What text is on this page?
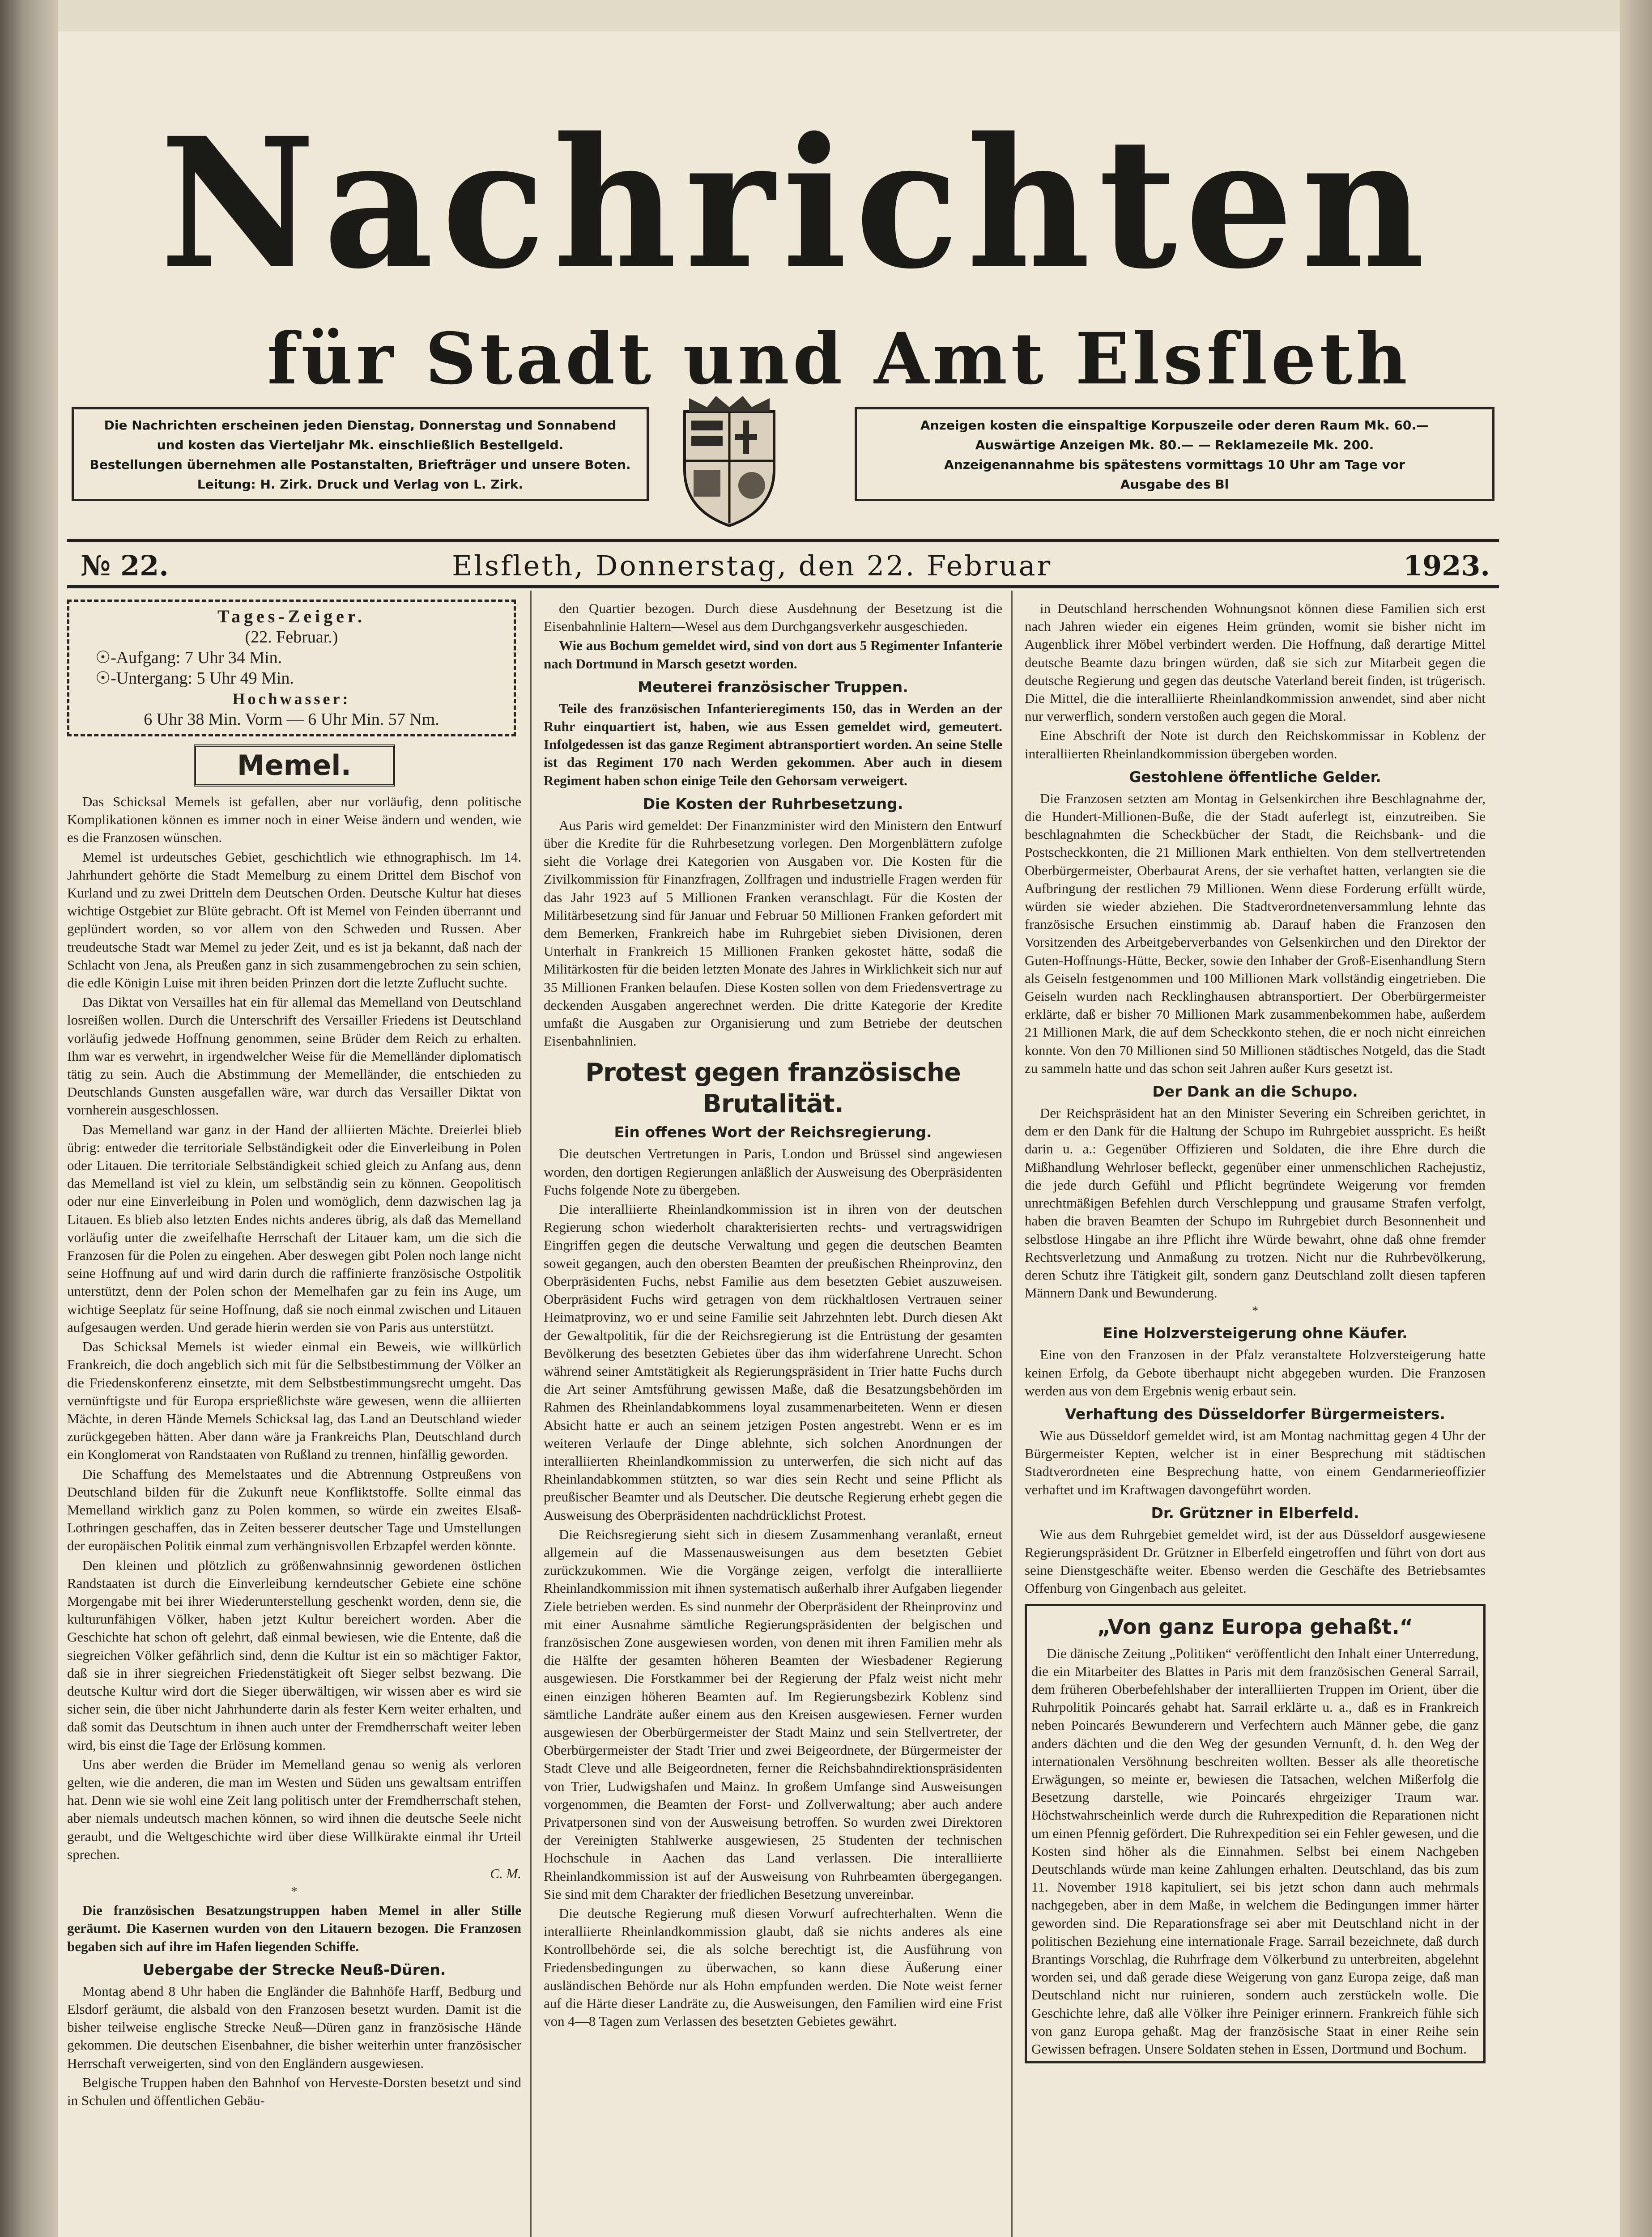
Nachrichten
für Stadt und Amt Elsfleth
Die Nachrichten erscheinen jeden Dienstag, Donnerstag und Sonnabend
und kosten das Vierteljahr Mk. einschließlich Bestellgeld.
Bestellungen übernehmen alle Postanstalten, Briefträger und unsere Boten.
Leitung: H. Zirk. Druck und Verlag von L. Zirk.
Anzeigen kosten die einspaltige Korpuszeile oder deren Raum Mk. 60.—
Auswärtige Anzeigen Mk. 80.— — Reklamezeile Mk. 200.
Anzeigenannahme bis spätestens vormittags 10 Uhr am Tage vor
Ausgabe des Bl
№ 22.	Elsfleth, Donnerstag, den 22. Februar	1923.
Tages-Zeiger.
(22. Februar.)
☉-Aufgang: 7 Uhr 34 Min.
☉-Untergang: 5 Uhr 49 Min.
Hochwasser:
6 Uhr 38 Min. Vorm — 6 Uhr Min. 57 Nm.
Memel.

Das Schicksal Memels ist gefallen, aber nur vorläufig, denn politische Komplikationen können es immer noch in einer Weise ändern und wenden, wie es die Franzosen wünschen.

Memel ist urdeutsches Gebiet, geschichtlich wie ethnographisch. Im 14. Jahrhundert gehörte die Stadt Memelburg zu einem Drittel dem Bischof von Kurland und zu zwei Dritteln dem Deutschen Orden. Deutsche Kultur hat dieses wichtige Ostgebiet zur Blüte gebracht. Oft ist Memel von Feinden überrannt und geplündert worden, so vor allem von den Schweden und Russen. Aber treudeutsche Stadt war Memel zu jeder Zeit, und es ist ja bekannt, daß nach der Schlacht von Jena, als Preußen ganz in sich zusammengebrochen zu sein schien, die edle Königin Luise mit ihren beiden Prinzen dort die letzte Zuflucht suchte.

Das Diktat von Versailles hat ein für allemal das Memelland von Deutschland losreißen wollen. Durch die Unterschrift des Versailler Friedens ist Deutschland vorläufig jedwede Hoffnung genommen, seine Brüder dem Reich zu erhalten. Ihm war es verwehrt, in irgendwelcher Weise für die Memelländer diplomatisch tätig zu sein. Auch die Abstimmung der Memelländer, die entschieden zu Deutschlands Gunsten ausgefallen wäre, war durch das Versailler Diktat von vornherein ausgeschlossen.

Das Memelland war ganz in der Hand der alliierten Mächte. Dreierlei blieb übrig: entweder die territoriale Selbständigkeit oder die Einverleibung in Polen oder Litauen. Die territoriale Selbständigkeit schied gleich zu Anfang aus, denn das Memelland ist viel zu klein, um selbständig sein zu können. Geopolitisch oder nur eine Einverleibung in Polen und womöglich, denn dazwischen lag ja Litauen. Es blieb also letzten Endes nichts anderes übrig, als daß das Memelland vorläufig unter die zweifelhafte Herrschaft der Litauer kam, um die sich die Franzosen für die Polen zu eingehen. Aber deswegen gibt Polen noch lange nicht seine Hoffnung auf und wird darin durch die raffinierte französische Ostpolitik unterstützt, denn der Polen schon der Memelhafen gar zu fein ins Auge, um wichtige Seeplatz für seine Hoffnung, daß sie noch einmal zwischen und Litauen aufgesaugen werden. Und gerade hierin werden sie von Paris aus unterstützt.

Das Schicksal Memels ist wieder einmal ein Beweis, wie willkürlich Frankreich, die doch angeblich sich mit für die Selbstbestimmung der Völker an die Friedenskonferenz einsetzte, mit dem Selbstbestimmungsrecht umgeht. Das vernünftigste und für Europa ersprießlichste wäre gewesen, wenn die alliierten Mächte, in deren Hände Memels Schicksal lag, das Land an Deutschland wieder zurückgegeben hätten. Aber dann wäre ja Frankreichs Plan, Deutschland durch ein Konglomerat von Randstaaten von Rußland zu trennen, hinfällig geworden.

Die Schaffung des Memelstaates und die Abtrennung Ostpreußens von Deutschland bilden für die Zukunft neue Konfliktstoffe. Sollte einmal das Memelland wirklich ganz zu Polen kommen, so würde ein zweites Elsaß-Lothringen geschaffen, das in Zeiten besserer deutscher Tage und Umstellungen der europäischen Politik einmal zum verhängnisvollen Erbzapfel werden könnte.

Den kleinen und plötzlich zu größenwahnsinnig gewordenen östlichen Randstaaten ist durch die Einverleibung kerndeutscher Gebiete eine schöne Morgengabe mit bei ihrer Wiederunterstellung geschenkt worden, denn sie, die kulturunfähigen Völker, haben jetzt Kultur bereichert worden. Aber die Geschichte hat schon oft gelehrt, daß einmal bewiesen, wie die Entente, daß die siegreichen Völker gefährlich sind, denn die Kultur ist ein so mächtiger Faktor, daß sie in ihrer siegreichen Friedenstätigkeit oft Sieger selbst bezwang. Die deutsche Kultur wird dort die Sieger überwältigen, wir wissen aber es wird sie sicher sein, die über nicht Jahrhunderte darin als fester Kern weiter erhalten, und daß somit das Deutschtum in ihnen auch unter der Fremdherrschaft weiter leben wird, bis einst die Tage der Erlösung kommen.

Uns aber werden die Brüder im Memelland genau so wenig als verloren gelten, wie die anderen, die man im Westen und Süden uns gewaltsam entriffen hat. Denn wie sie wohl eine Zeit lang politisch unter der Fremdherrschaft stehen, aber niemals undeutsch machen können, so wird ihnen die deutsche Seele nicht geraubt, und die Weltgeschichte wird über diese Willkürakte einmal ihr Urteil sprechen.

C. M.

*

Die französischen Besatzungstruppen haben Memel in aller Stille geräumt. Die Kasernen wurden von den Litauern bezogen. Die Franzosen begaben sich auf ihre im Hafen liegenden Schiffe.

Uebergabe der Strecke Neuß-Düren.

Montag abend 8 Uhr haben die Engländer die Bahnhöfe Harff, Bedburg und Elsdorf geräumt, die alsbald von den Franzosen besetzt wurden. Damit ist die bisher teilweise englische Strecke Neuß—Düren ganz in französische Hände gekommen. Die deutschen Eisenbahner, die bisher weiterhin unter französischer Herrschaft verweigerten, sind von den Engländern ausgewiesen.

Belgische Truppen haben den Bahnhof von Herveste-Dorsten besetzt und sind in Schulen und öffentlichen Gebäu-

den Quartier bezogen. Durch diese Ausdehnung der Besetzung ist die Eisenbahnlinie Haltern—Wesel aus dem Durchgangsverkehr ausgeschieden.

Wie aus Bochum gemeldet wird, sind von dort aus 5 Regimenter Infanterie nach Dortmund in Marsch gesetzt worden.

Meuterei französischer Truppen.

Teile des französischen Infanterieregiments 150, das in Werden an der Ruhr einquartiert ist, haben, wie aus Essen gemeldet wird, gemeutert. Infolgedessen ist das ganze Regiment abtransportiert worden. An seine Stelle ist das Regiment 170 nach Werden gekommen. Aber auch in diesem Regiment haben schon einige Teile den Gehorsam verweigert.

Die Kosten der Ruhrbesetzung.

Aus Paris wird gemeldet: Der Finanzminister wird den Ministern den Entwurf über die Kredite für die Ruhrbesetzung vorlegen. Den Morgenblättern zufolge sieht die Vorlage drei Kategorien von Ausgaben vor. Die Kosten für die Zivilkommission für Finanzfragen, Zollfragen und industrielle Fragen werden für das Jahr 1923 auf 5 Millionen Franken veranschlagt. Für die Kosten der Militärbesetzung sind für Januar und Februar 50 Millionen Franken gefordert mit dem Bemerken, Frankreich habe im Ruhrgebiet sieben Divisionen, deren Unterhalt in Frankreich 15 Millionen Franken gekostet hätte, sodaß die Militärkosten für die beiden letzten Monate des Jahres in Wirklichkeit sich nur auf 35 Millionen Franken belaufen. Diese Kosten sollen von dem Friedensvertrage zu deckenden Ausgaben angerechnet werden. Die dritte Kategorie der Kredite umfaßt die Ausgaben zur Organisierung und zum Betriebe der deutschen Eisenbahnlinien.

Protest gegen französische Brutalität.
Ein offenes Wort der Reichsregierung.

Die deutschen Vertretungen in Paris, London und Brüssel sind angewiesen worden, den dortigen Regierungen anläßlich der Ausweisung des Oberpräsidenten Fuchs folgende Note zu übergeben.

Die interalliierte Rheinlandkommission ist in ihren von der deutschen Regierung schon wiederholt charakterisierten rechts- und vertragswidrigen Eingriffen gegen die deutsche Verwaltung und gegen die deutschen Beamten soweit gegangen, auch den obersten Beamten der preußischen Rheinprovinz, den Oberpräsidenten Fuchs, nebst Familie aus dem besetzten Gebiet auszuweisen. Oberpräsident Fuchs wird getragen von dem rückhaltlosen Vertrauen seiner Heimatprovinz, wo er und seine Familie seit Jahrzehnten lebt. Durch diesen Akt der Gewaltpolitik, für die der Reichsregierung ist die Entrüstung der gesamten Bevölkerung des besetzten Gebietes über das ihm widerfahrene Unrecht. Schon während seiner Amtstätigkeit als Regierungspräsident in Trier hatte Fuchs durch die Art seiner Amtsführung gewissen Maße, daß die Besatzungsbehörden im Rahmen des Rheinlandabkommens loyal zusammenarbeiteten. Wenn er diesen Absicht hatte er auch an seinem jetzigen Posten angestrebt. Wenn er es im weiteren Verlaufe der Dinge ablehnte, sich solchen Anordnungen der interalliierten Rheinlandkommission zu unterwerfen, die sich nicht auf das Rheinlandabkommen stützten, so war dies sein Recht und seine Pflicht als preußischer Beamter und als Deutscher. Die deutsche Regierung erhebt gegen die Ausweisung des Oberpräsidenten nachdrücklichst Protest.

Die Reichsregierung sieht sich in diesem Zusammenhang veranlaßt, erneut allgemein auf die Massenausweisungen aus dem besetzten Gebiet zurückzukommen. Wie die Vorgänge zeigen, verfolgt die interalliierte Rheinlandkommission mit ihnen systematisch außerhalb ihrer Aufgaben liegender Ziele betrieben werden. Es sind nunmehr der Oberpräsident der Rheinprovinz und mit einer Ausnahme sämtliche Regierungspräsidenten der belgischen und französischen Zone ausgewiesen worden, von denen mit ihren Familien mehr als die Hälfte der gesamten höheren Beamten der Wiesbadener Regierung ausgewiesen. Die Forstkammer bei der Regierung der Pfalz weist nicht mehr einen einzigen höheren Beamten auf. Im Regierungsbezirk Koblenz sind sämtliche Landräte außer einem aus den Kreisen ausgewiesen. Ferner wurden ausgewiesen der Oberbürgermeister der Stadt Mainz und sein Stellvertreter, der Oberbürgermeister der Stadt Trier und zwei Beigeordnete, der Bürgermeister der Stadt Cleve und alle Beigeordneten, ferner die Reichsbahndirektionspräsidenten von Trier, Ludwigshafen und Mainz. In großem Umfange sind Ausweisungen vorgenommen, die Beamten der Forst- und Zollverwaltung; aber auch andere Privatpersonen sind von der Ausweisung betroffen. So wurden zwei Direktoren der Vereinigten Stahlwerke ausgewiesen, 25 Studenten der technischen Hochschule in Aachen das Land verlassen. Die interalliierte Rheinlandkommission ist auf der Ausweisung von Ruhrbeamten übergegangen. Sie sind mit dem Charakter der friedlichen Besetzung unvereinbar.

Die deutsche Regierung muß diesen Vorwurf aufrechterhalten. Wenn die interalliierte Rheinlandkommission glaubt, daß sie nichts anderes als eine Kontrollbehörde sei, die als solche berechtigt ist, die Ausführung von Friedensbedingungen zu überwachen, so kann diese Äußerung einer ausländischen Behörde nur als Hohn empfunden werden. Die Note weist ferner auf die Härte dieser Landräte zu, die Ausweisungen, den Familien wird eine Frist von 4—8 Tagen zum Verlassen des besetzten Gebietes gewährt.

in Deutschland herrschenden Wohnungsnot können diese Familien sich erst nach Jahren wieder ein eigenes Heim gründen, womit sie bisher nicht im Augenblick ihrer Möbel verbindert werden. Die Hoffnung, daß derartige Mittel deutsche Beamte dazu bringen würden, daß sie sich zur Mitarbeit gegen die deutsche Regierung und gegen das deutsche Vaterland bereit finden, ist trügerisch. Die Mittel, die die interalliierte Rheinlandkommission anwendet, sind aber nicht nur verwerflich, sondern verstoßen auch gegen die Moral.

Eine Abschrift der Note ist durch den Reichskommissar in Koblenz der interalliierten Rheinlandkommission übergeben worden.

Gestohlene öffentliche Gelder.

Die Franzosen setzten am Montag in Gelsenkirchen ihre Beschlagnahme der, die Hundert-Millionen-Buße, die der Stadt auferlegt ist, einzutreiben. Sie beschlagnahmten die Scheckbücher der Stadt, die Reichsbank- und die Postscheckkonten, die 21 Millionen Mark enthielten. Von dem stellvertretenden Oberbürgermeister, Oberbaurat Arens, der sie verhaftet hatten, verlangten sie die Aufbringung der restlichen 79 Millionen. Wenn diese Forderung erfüllt würde, würden sie wieder abziehen. Die Stadtverordnetenversammlung lehnte das französische Ersuchen einstimmig ab. Darauf haben die Franzosen den Vorsitzenden des Arbeitgeberverbandes von Gelsenkirchen und den Direktor der Guten-Hoffnungs-Hütte, Becker, sowie den Inhaber der Groß-Eisenhandlung Stern als Geiseln festgenommen und 100 Millionen Mark vollständig eingetrieben. Die Geiseln wurden nach Recklinghausen abtransportiert. Der Oberbürgermeister erklärte, daß er bisher 70 Millionen Mark zusammenbekommen habe, außerdem 21 Millionen Mark, die auf dem Scheckkonto stehen, die er noch nicht einreichen konnte. Von den 70 Millionen sind 50 Millionen städtisches Notgeld, das die Stadt zu sammeln hatte und das schon seit Jahren außer Kurs gesetzt ist.

Der Dank an die Schupo.

Der Reichspräsident hat an den Minister Severing ein Schreiben gerichtet, in dem er den Dank für die Haltung der Schupo im Ruhrgebiet ausspricht. Es heißt darin u. a.: Gegenüber Offizieren und Soldaten, die ihre Ehre durch die Mißhandlung Wehrloser befleckt, gegenüber einer unmenschlichen Rachejustiz, die jede durch Gefühl und Pflicht begründete Weigerung vor fremden unrechtmäßigen Befehlen durch Verschleppung und grausame Strafen verfolgt, haben die braven Beamten der Schupo im Ruhrgebiet durch Besonnenheit und selbstlose Hingabe an ihre Pflicht ihre Würde bewahrt, ohne daß ohne fremder Rechtsverletzung und Anmaßung zu trotzen. Nicht nur die Ruhrbevölkerung, deren Schutz ihre Tätigkeit gilt, sondern ganz Deutschland zollt diesen tapferen Männern Dank und Bewunderung.

*
Eine Holzversteigerung ohne Käufer.

Eine von den Franzosen in der Pfalz veranstaltete Holzversteigerung hatte keinen Erfolg, da Gebote überhaupt nicht abgegeben wurden. Die Franzosen werden aus von dem Ergebnis wenig erbaut sein.

Verhaftung des Düsseldorfer Bürgermeisters.

Wie aus Düsseldorf gemeldet wird, ist am Montag nachmittag gegen 4 Uhr der Bürgermeister Kepten, welcher ist in einer Besprechung mit städtischen Stadtverordneten eine Besprechung hatte, von einem Gendarmerieoffizier verhaftet und im Kraftwagen davongeführt worden.

Dr. Grützner in Elberfeld.

Wie aus dem Ruhrgebiet gemeldet wird, ist der aus Düsseldorf ausgewiesene Regierungspräsident Dr. Grützner in Elberfeld eingetroffen und führt von dort aus seine Dienstgeschäfte weiter. Ebenso werden die Geschäfte des Betriebsamtes Offenburg von Gingenbach aus geleitet.

„Von ganz Europa gehaßt.“

Die dänische Zeitung „Politiken“ veröffentlicht den Inhalt einer Unterredung, die ein Mitarbeiter des Blattes in Paris mit dem französischen General Sarrail, dem früheren Oberbefehlshaber der interalliierten Truppen im Orient, über die Ruhrpolitik Poincarés gehabt hat. Sarrail erklärte u. a., daß es in Frankreich neben Poincarés Bewunderern und Verfechtern auch Männer gebe, die ganz anders dächten und die den Weg der gesunden Vernunft, d. h. den Weg der internationalen Versöhnung beschreiten wollten. Besser als alle theoretische Erwägungen, so meinte er, bewiesen die Tatsachen, welchen Mißerfolg die Besetzung darstelle, wie Poincarés ehrgeiziger Traum war. Höchstwahrscheinlich werde durch die Ruhrexpedition die Reparationen nicht um einen Pfennig gefördert. Die Ruhrexpedition sei ein Fehler gewesen, und die Kosten sind höher als die Einnahmen. Selbst bei einem Nachgeben Deutschlands würde man keine Zahlungen erhalten. Deutschland, das bis zum 11. November 1918 kapituliert, sei bis jetzt schon dann auch mehrmals nachgegeben, aber in dem Maße, in welchem die Bedingungen immer härter geworden sind. Die Reparationsfrage sei aber mit Deutschland nicht in der politischen Beziehung eine internationale Frage. Sarrail bezeichnete, daß durch Brantings Vorschlag, die Ruhrfrage dem Völkerbund zu unterbreiten, abgelehnt worden sei, und daß gerade diese Weigerung von ganz Europa zeige, daß man Deutschland nicht nur ruinieren, sondern auch zerstückeln wolle. Die Geschichte lehre, daß alle Völker ihre Peiniger erinnern. Frankreich fühle sich von ganz Europa gehaßt. Mag der französische Staat in einer Reihe sein Gewissen befragen. Unsere Soldaten stehen in Essen, Dortmund und Bochum.
